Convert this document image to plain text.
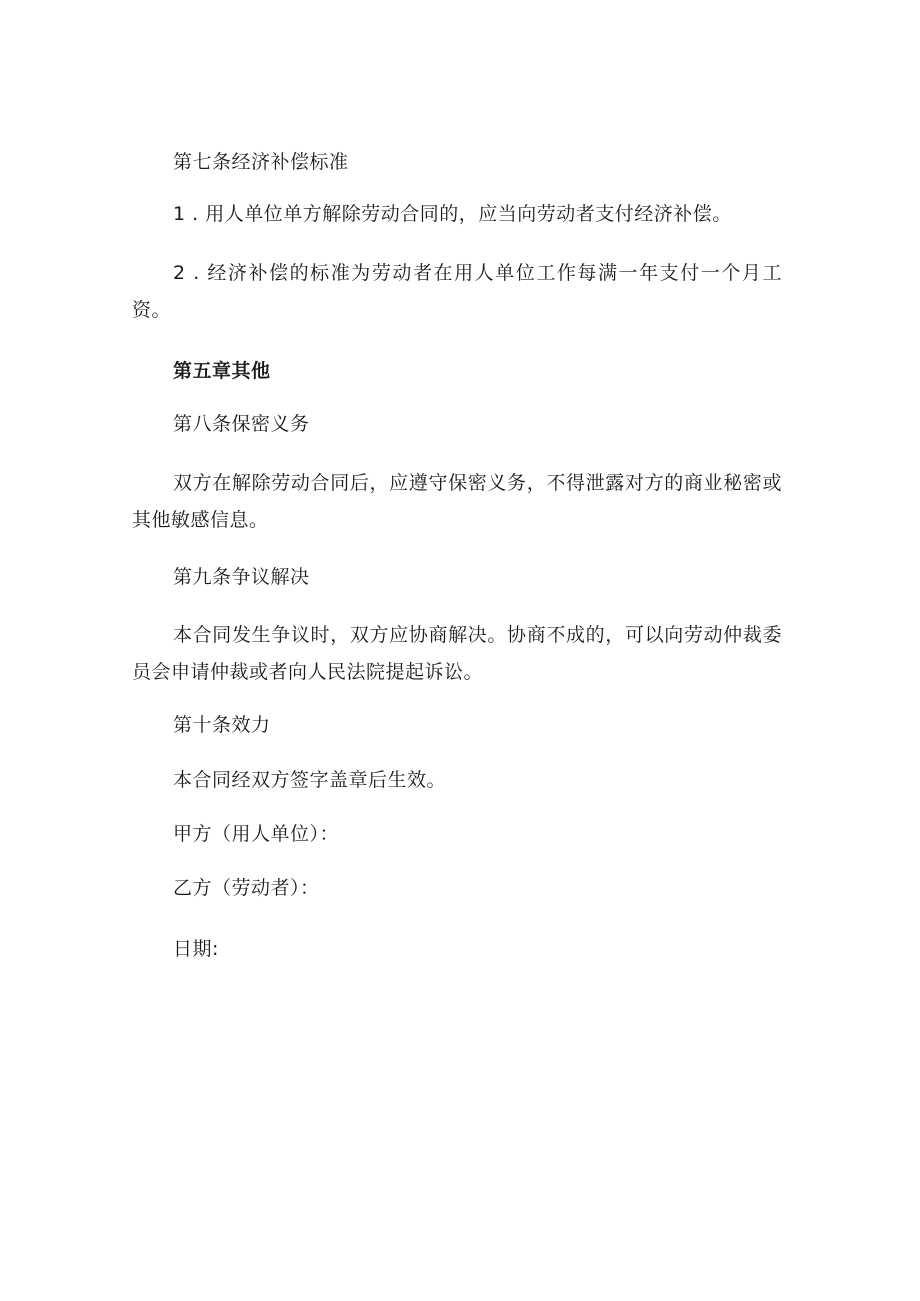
第七条经济补偿标准
1 . 用人单位单方解除劳动合同的，应当向劳动者支付经济补偿。

2 . 经济补偿的标准为劳动者在用人单位工作每满一年支付一个月工资。

第五章其他
第八条保密义务

双方在解除劳动合同后，应遵守保密义务，不得泄露对方的商业秘密或其他敏感信息。

第九条争议解决

本合同发生争议时，双方应协商解决。协商不成的，可以向劳动仲裁委员会申请仲裁或者向人民法院提起诉讼。

第十条效力
本合同经双方签字盖章后生效。
甲方（用人单位）：
乙方（劳动者）：
日期:
